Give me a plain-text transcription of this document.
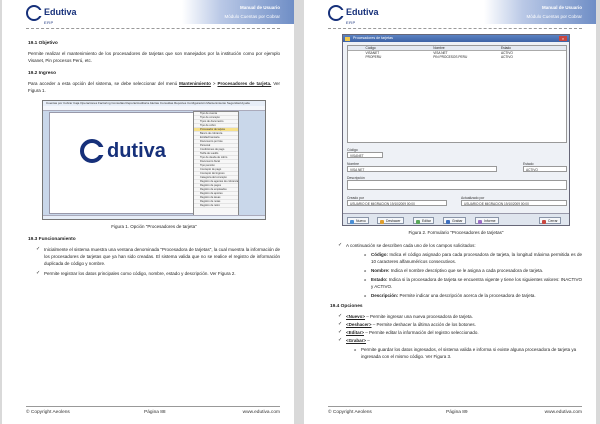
Edutiva
ERP
Manual de Usuario
Módulo Cuentas por Cobrar
19.1 Objetivo

Permite realizar el mantenimiento de los procesadores de tarjetas que son manejados por la institución como por ejemplo Visanet, Pin procesos Perú, etc.

19.2 Ingreso

Para acceder a esta opción del sistema, se debe seleccionar del menú Mantenimiento > Procesadores de tarjeta. Ver Figura 1.

Cuentas por Cobrar Caja Operaciones Factoring Consultas Reporte/Auditoría Alertas Consultas Reportes Configuración Mantenimiento Seguridad Ayuda
dutiva
Tipo de cuenta
Tipo de concepto
Tipos de documento
Tipo de cobro
Procesador de tarjeta
Banco de cobranza
Entidad bancaria
Documento por lote
Personal
Condiciones de pago
Tarifa de sueldo
Tipo de deuda de cobro
Documento fiscal
Tipo pensión
Concepto de pago
Concepto del ingreso
Categoría del concepto
Registro de agentes de cobranza
Registro de pagos
Registro de empleados
Registro de aportes
Registro de áreas
Registro de notas
Registro de retiro
Figura 1. Opción "Procesadores de tarjeta"
19.3 Funcionamiento
✓ Inicialmente el sistema muestra una ventana denominada "Procesadora de tarjetas", la cual muestra la información de los procesadores de tarjetas que ya han sido creadas. El sistema valida que no se realice el registro de información duplicada de código y nombre.
✓ Permite registrar los datos principales como código, nombre, estado y descripción. Ver Figura 2.
© Copyright Aeolens	Página 88	www.edutiva.com
Edutiva
ERP
Manual de Usuario
Módulo Cuentas por Cobrar
Procesadores de tarjetas	×
Código	Nombre	Estado
VISANET	VISA NET	ACTIVO
PROPERU	PIN PROCESOS PERU	ACTIVO
Código
VISANET
Nombre
VISA NET
Estado
ACTIVO
Descripción
Creado por
USUARIO DE MIGRACION 19/10/2009 00:00
Actualizado por
USUARIO DE MIGRACION 19/10/2009 00:00
Nuevo	Deshacer	Editar	Grabar	Informe	Cerrar
Figura 2. Formulario "Procesadores de tarjetas"
✓ A continuación se describen cada uno de los campos solicitados:
o Código: Indica el código asignado para cada procesadora de tarjeta, la longitud máxima permitida es de 10 caracteres alfanuméricos consecutivos.
o Nombre: Indica el nombre descriptivo que se le asigna a cada procesadora de tarjeta.
o Estado: Indica si la procesadora de tarjeta se encuentra vigente y tiene los siguientes valores: INACTIVO y ACTIVO.
o Descripción: Permite indicar una descripción acerca de la procesadora de tarjeta.
19.4 Opciones
✓ <Nuevo> – Permite ingresar una nueva procesadora de tarjeta.
✓ <Deshacer> – Permite deshacer la última acción de los botones.
✓ <Editar> – Permite editar la información del registro seleccionado.
✓ <Grabar> –
o Permite guardar los datos ingresados, el sistema valida e informa si existe alguna procesadora de tarjeta ya ingresada con el mismo código. Ver Figura 3.
© Copyright Aeolens	Página 89	www.edutiva.com
